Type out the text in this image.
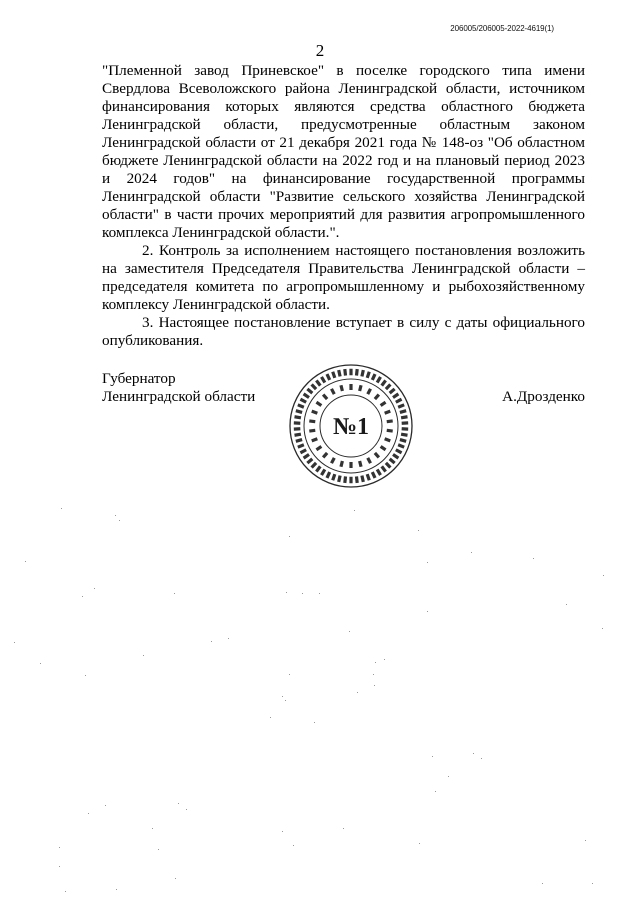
206005/206005-2022-4619(1)
2

"Племенной завод Приневское" в поселке городского типа имени Свердлова Всеволожского района Ленинградской области, источником финансирования которых являются средства областного бюджета Ленинградской области, предусмотренные областным законом Ленинградской области от 21 декабря 2021 года № 148-оз "Об областном бюджете Ленинградской области на 2022 год и на плановый период 2023 и 2024 годов" на финансирование государственной программы Ленинградской области "Развитие сельского хозяйства Ленинградской области" в части прочих мероприятий для развития агропромышленного комплекса Ленинградской области.".

2. Контроль за исполнением настоящего постановления возложить на заместителя Председателя Правительства Ленинградской области – председателя комитета по агропромышленному и рыбохозяйственному комплексу Ленинградской области.

3. Настоящее постановление вступает в силу с даты официального опубликования.

Губернатор
Ленинградской области	А.Дрозденко
№1
